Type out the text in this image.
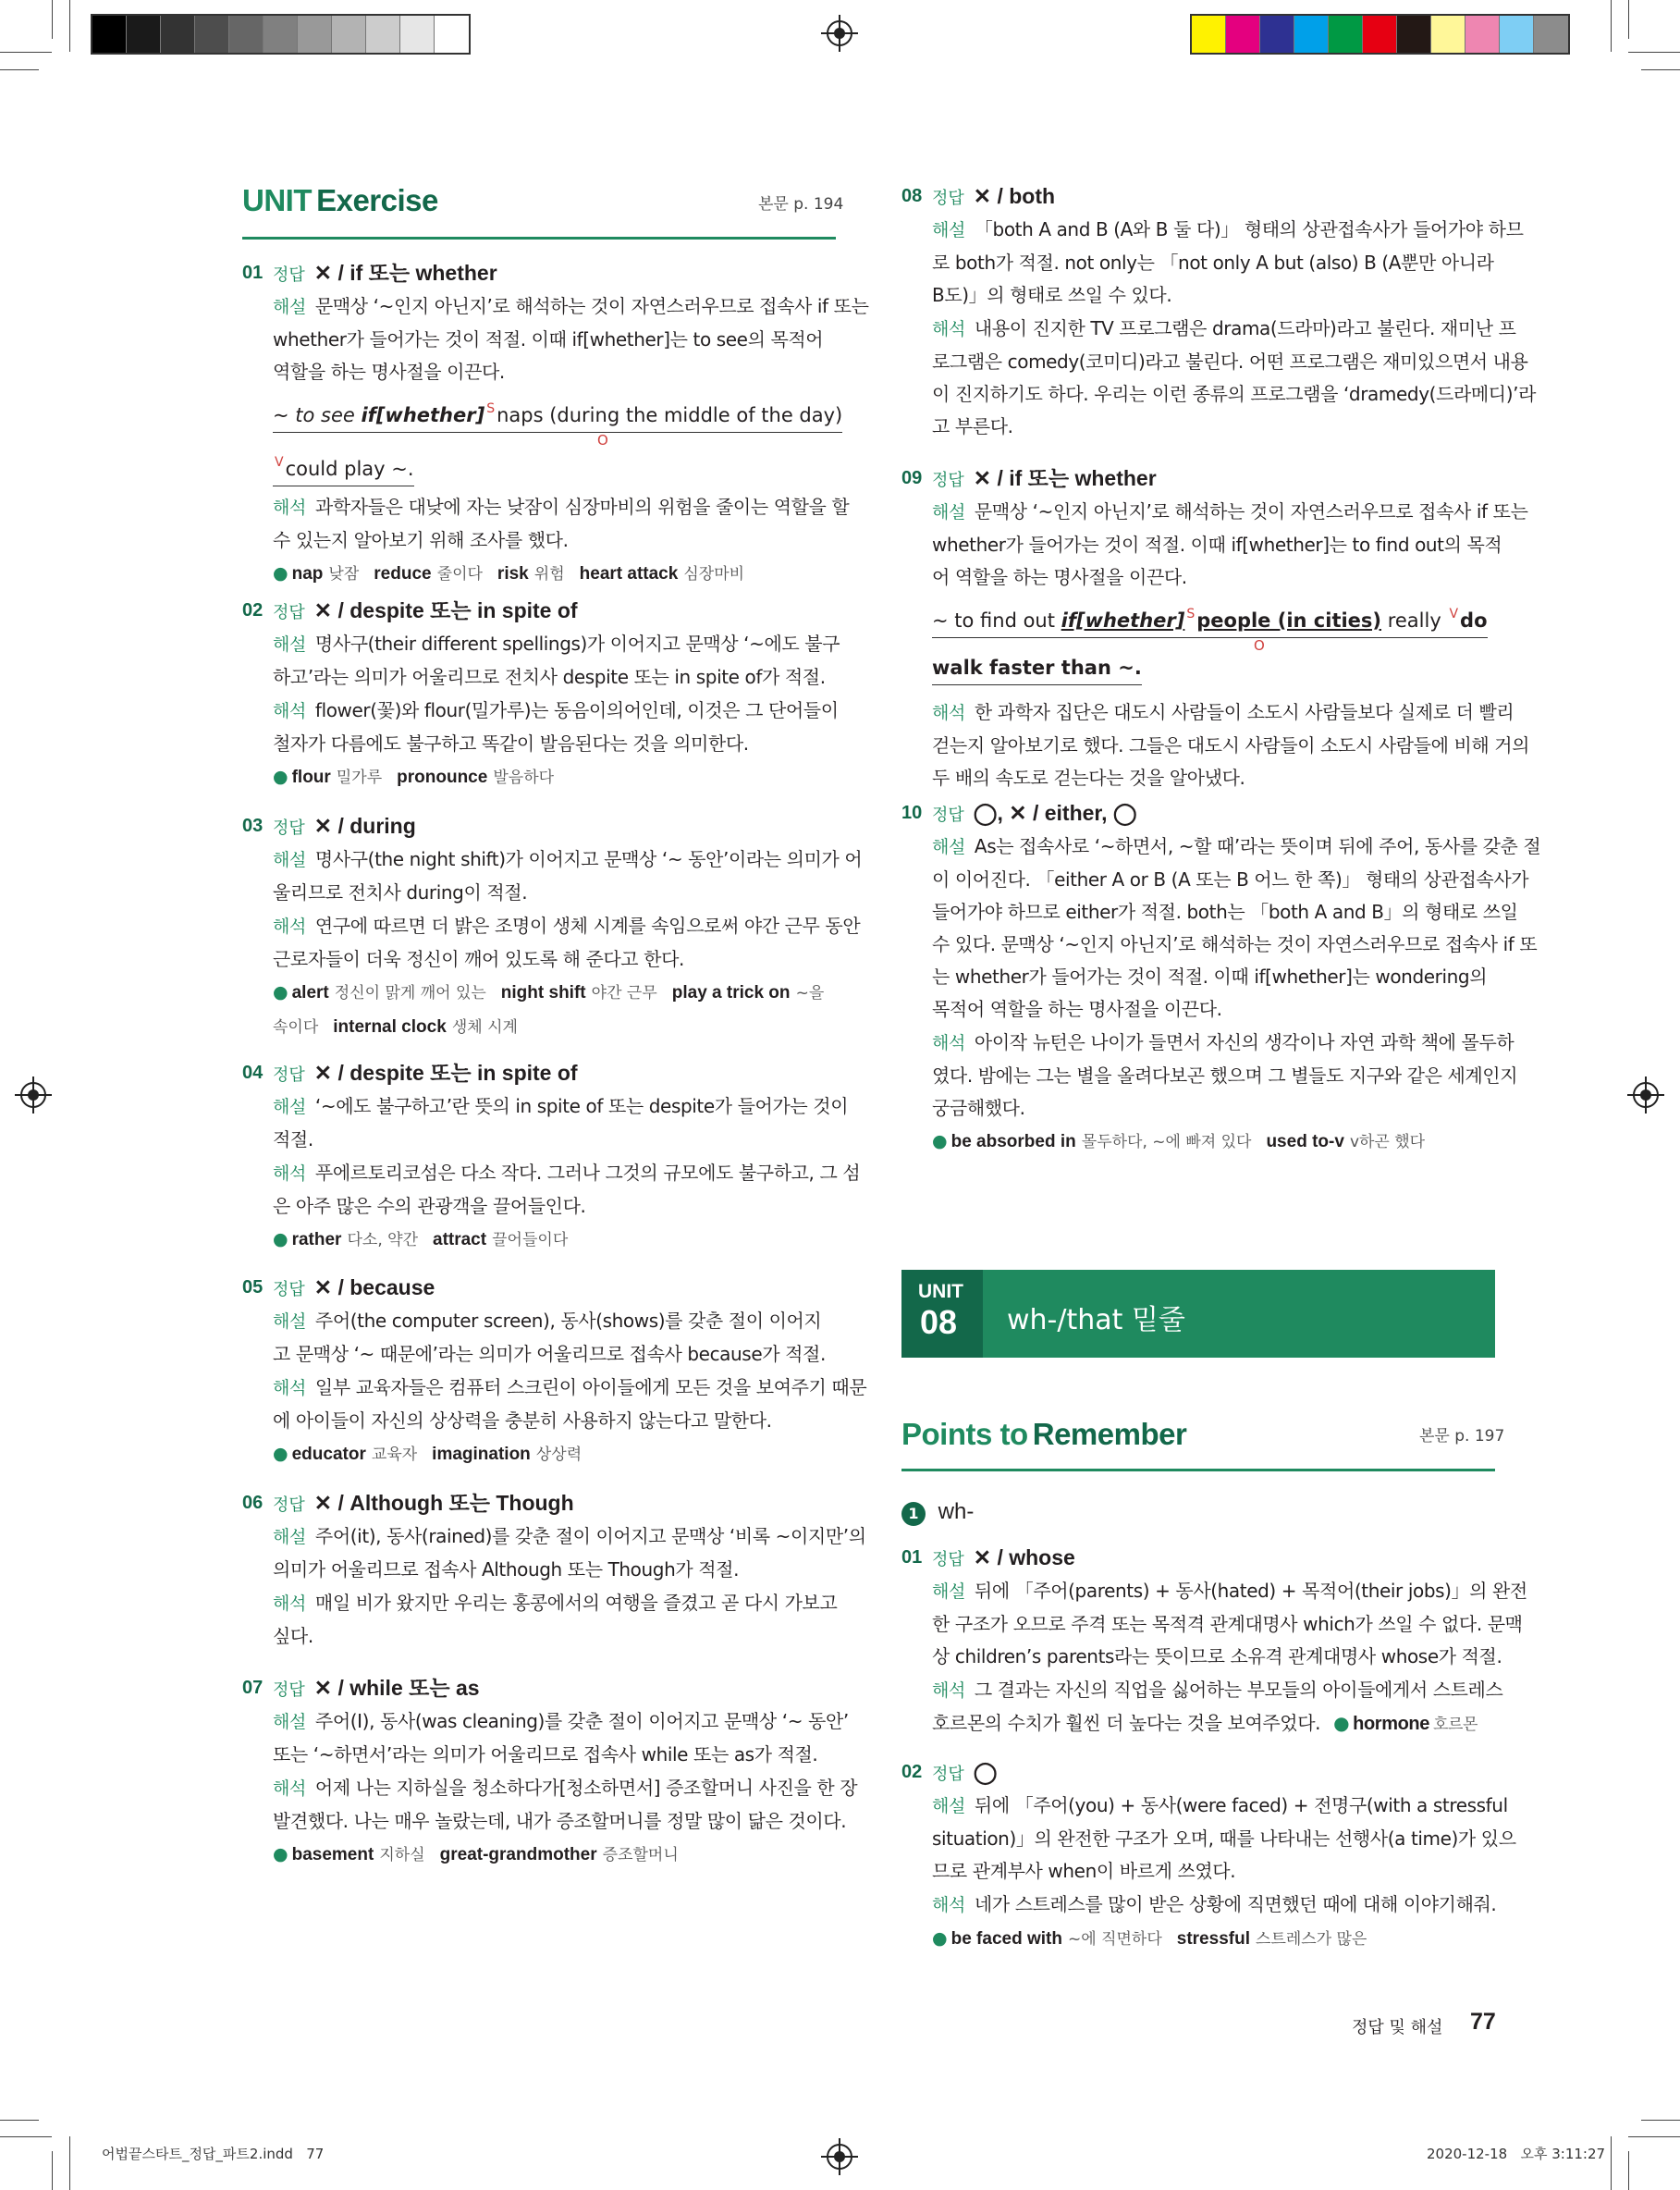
UNIT Exercise	본문 p. 194
01 정답 ✕ / if 또는 whether
해설 문맥상 ‘~인지 아닌지’로 해석하는 것이 자연스러우므로 접속사 if 또는
whether가 들어가는 것이 적절. 이때 if[whether]는 to see의 목적어
역할을 하는 명사절을 이끈다.
~ to see if[whether] $^S$naps (during the middle of the day)
O
$^V$could play ~.
해석 과학자들은 대낮에 자는 낮잠이 심장마비의 위험을 줄이는 역할을 할
수 있는지 알아보기 위해 조사를 했다.
● nap 낮잠 reduce 줄이다 risk 위험 heart attack 심장마비
02 정답 ✕ / despite 또는 in spite of
해설 명사구(their different spellings)가 이어지고 문맥상 ‘~에도 불구
하고’라는 의미가 어울리므로 전치사 despite 또는 in spite of가 적절.
해석 flower(꽃)와 flour(밀가루)는 동음이의어인데, 이것은 그 단어들이
철자가 다름에도 불구하고 똑같이 발음된다는 것을 의미한다.
● flour 밀가루 pronounce 발음하다
03 정답 ✕ / during
해설 명사구(the night shift)가 이어지고 문맥상 ‘~ 동안’이라는 의미가 어
울리므로 전치사 during이 적절.
해석 연구에 따르면 더 밝은 조명이 생체 시계를 속임으로써 야간 근무 동안
근로자들이 더욱 정신이 깨어 있도록 해 준다고 한다.
● alert 정신이 맑게 깨어 있는 night shift 야간 근무 play a trick on ~을
속이다 internal clock 생체 시계
04 정답 ✕ / despite 또는 in spite of
해설 ‘~에도 불구하고’란 뜻의 in spite of 또는 despite가 들어가는 것이
적절.
해석 푸에르토리코섬은 다소 작다. 그러나 그것의 규모에도 불구하고, 그 섬
은 아주 많은 수의 관광객을 끌어들인다.
● rather 다소, 약간 attract 끌어들이다
05 정답 ✕ / because
해설 주어(the computer screen), 동사(shows)를 갖춘 절이 이어지
고 문맥상 ‘~ 때문에’라는 의미가 어울리므로 접속사 because가 적절.
해석 일부 교육자들은 컴퓨터 스크린이 아이들에게 모든 것을 보여주기 때문
에 아이들이 자신의 상상력을 충분히 사용하지 않는다고 말한다.
● educator 교육자 imagination 상상력
06 정답 ✕ / Although 또는 Though
해설 주어(it), 동사(rained)를 갖춘 절이 이어지고 문맥상 ‘비록 ~이지만’의
의미가 어울리므로 접속사 Although 또는 Though가 적절.
해석 매일 비가 왔지만 우리는 홍콩에서의 여행을 즐겼고 곧 다시 가보고
싶다.
07 정답 ✕ / while 또는 as
해설 주어(I), 동사(was cleaning)를 갖춘 절이 이어지고 문맥상 ‘~ 동안’
또는 ‘~하면서’라는 의미가 어울리므로 접속사 while 또는 as가 적절.
해석 어제 나는 지하실을 청소하다가[청소하면서] 증조할머니 사진을 한 장
발견했다. 나는 매우 놀랐는데, 내가 증조할머니를 정말 많이 닮은 것이다.
● basement 지하실 great-grandmother 증조할머니
08 정답 ✕ / both
해설 「both A and B (A와 B 둘 다)」 형태의 상관접속사가 들어가야 하므
로 both가 적절. not only는 「not only A but (also) B (A뿐만 아니라
B도)」의 형태로 쓰일 수 있다.
해석 내용이 진지한 TV 프로그램은 drama(드라마)라고 불린다. 재미난 프
로그램은 comedy(코미디)라고 불린다. 어떤 프로그램은 재미있으면서 내용
이 진지하기도 하다. 우리는 이런 종류의 프로그램을 ‘dramedy(드라메디)’라
고 부른다.
09 정답 ✕ / if 또는 whether
해설 문맥상 ‘~인지 아닌지’로 해석하는 것이 자연스러우므로 접속사 if 또는
whether가 들어가는 것이 적절. 이때 if[whether]는 to find out의 목적
어 역할을 하는 명사절을 이끈다.
~ to find out if[whether] $^S$people (in cities) really $^V$do
O
walk faster than ~.
해석 한 과학자 집단은 대도시 사람들이 소도시 사람들보다 실제로 더 빨리
걷는지 알아보기로 했다. 그들은 대도시 사람들이 소도시 사람들에 비해 거의
두 배의 속도로 걷는다는 것을 알아냈다.
10 정답 ◯, ✕ / either, ◯
해설 As는 접속사로 ‘~하면서, ~할 때’라는 뜻이며 뒤에 주어, 동사를 갖춘 절
이 이어진다. 「either A or B (A 또는 B 어느 한 쪽)」 형태의 상관접속사가
들어가야 하므로 either가 적절. both는 「both A and B」의 형태로 쓰일
수 있다. 문맥상 ‘~인지 아닌지’로 해석하는 것이 자연스러우므로 접속사 if 또
는 whether가 들어가는 것이 적절. 이때 if[whether]는 wondering의
목적어 역할을 하는 명사절을 이끈다.
해석 아이작 뉴턴은 나이가 들면서 자신의 생각이나 자연 과학 책에 몰두하
였다. 밤에는 그는 별을 올려다보곤 했으며 그 별들도 지구와 같은 세계인지
궁금해했다.
● be absorbed in 몰두하다, ~에 빠져 있다 used to-v v하곤 했다
UNIT
08 wh-/that 밑줄
Points to Remember	본문 p. 197
1 wh-
01 정답 ✕ / whose
해설 뒤에 「주어(parents) + 동사(hated) + 목적어(their jobs)」의 완전
한 구조가 오므로 주격 또는 목적격 관계대명사 which가 쓰일 수 없다. 문맥
상 children’s parents라는 뜻이므로 소유격 관계대명사 whose가 적절.
해석 그 결과는 자신의 직업을 싫어하는 부모들의 아이들에게서 스트레스
호르몬의 수치가 훨씬 더 높다는 것을 보여주었다. ● hormone 호르몬
02 정답 ◯
해설 뒤에 「주어(you) + 동사(were faced) + 전명구(with a stressful
situation)」의 완전한 구조가 오며, 때를 나타내는 선행사(a time)가 있으
므로 관계부사 when이 바르게 쓰였다.
해석 네가 스트레스를 많이 받은 상황에 직면했던 때에 대해 이야기해줘.
● be faced with ~에 직면하다 stressful 스트레스가 많은
정답 및 해설 77
어법끝스타트_정답_파트2.indd   77	2020-12-18   오후 3:11:27
